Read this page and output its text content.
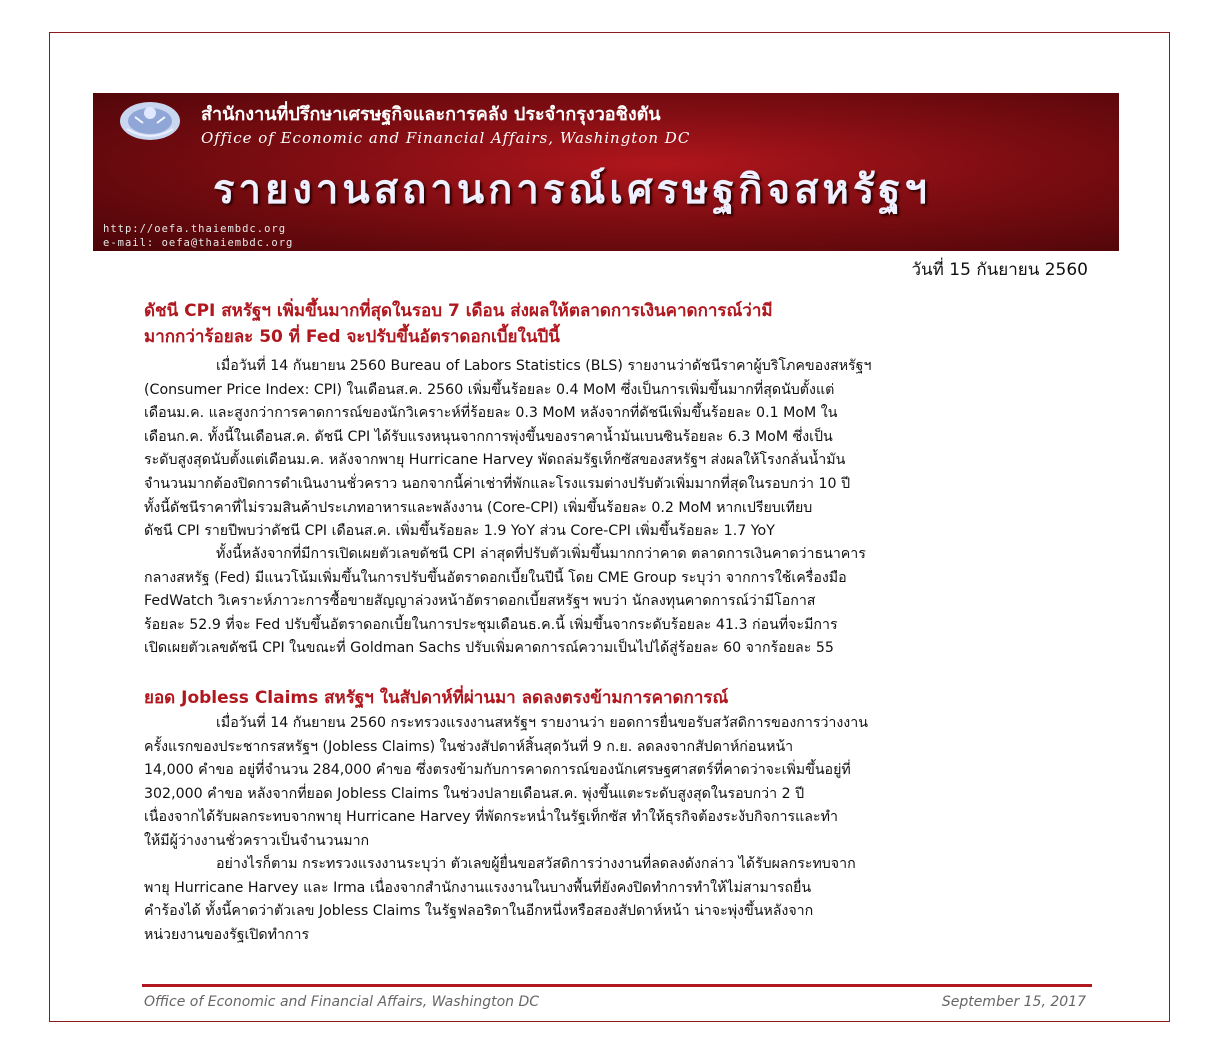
สำนักงานที่ปรึกษาเศรษฐกิจและการคลัง ประจำกรุงวอชิงตัน
Office of Economic and Financial Affairs, Washington DC
รายงานสถานการณ์เศรษฐกิจสหรัฐฯ
http://oefa.thaiembdc.org
e-mail: oefa@thaiembdc.org
วันที่ 15 กันยายน 2560
ดัชนี CPI สหรัฐฯ เพิ่มขึ้นมากที่สุดในรอบ 7 เดือน ส่งผลให้ตลาดการเงินคาดการณ์ว่ามี
มากกว่าร้อยละ 50 ที่ Fed จะปรับขึ้นอัตราดอกเบี้ยในปีนี้
เมื่อวันที่ 14 กันยายน 2560 Bureau of Labors Statistics (BLS) รายงานว่าดัชนีราคาผู้บริโภคของสหรัฐฯ
(Consumer Price Index: CPI) ในเดือนส.ค. 2560 เพิ่มขึ้นร้อยละ 0.4 MoM ซึ่งเป็นการเพิ่มขึ้นมากที่สุดนับตั้งแต่
เดือนม.ค. และสูงกว่าการคาดการณ์ของนักวิเคราะห์ที่ร้อยละ 0.3 MoM หลังจากที่ดัชนีเพิ่มขึ้นร้อยละ 0.1 MoM ใน
เดือนก.ค. ทั้งนี้ในเดือนส.ค. ดัชนี CPI ได้รับแรงหนุนจากการพุ่งขึ้นของราคาน้ำมันเบนซินร้อยละ 6.3 MoM ซึ่งเป็น
ระดับสูงสุดนับตั้งแต่เดือนม.ค. หลังจากพายุ Hurricane Harvey พัดถล่มรัฐเท็กซัสของสหรัฐฯ ส่งผลให้โรงกลั่นน้ำมัน
จำนวนมากต้องปิดการดำเนินงานชั่วคราว นอกจากนี้ค่าเช่าที่พักและโรงแรมต่างปรับตัวเพิ่มมากที่สุดในรอบกว่า 10 ปี
ทั้งนี้ดัชนีราคาที่ไม่รวมสินค้าประเภทอาหารและพลังงาน (Core-CPI) เพิ่มขึ้นร้อยละ 0.2 MoM หากเปรียบเทียบ
ดัชนี CPI รายปีพบว่าดัชนี CPI เดือนส.ค. เพิ่มขึ้นร้อยละ 1.9 YoY ส่วน Core-CPI เพิ่มขึ้นร้อยละ 1.7 YoY
ทั้งนี้หลังจากที่มีการเปิดเผยตัวเลขดัชนี CPI ล่าสุดที่ปรับตัวเพิ่มขึ้นมากกว่าคาด ตลาดการเงินคาดว่าธนาคาร
กลางสหรัฐ (Fed) มีแนวโน้มเพิ่มขึ้นในการปรับขึ้นอัตราดอกเบี้ยในปีนี้ โดย CME Group ระบุว่า จากการใช้เครื่องมือ
FedWatch วิเคราะห์ภาวะการซื้อขายสัญญาล่วงหน้าอัตราดอกเบี้ยสหรัฐฯ พบว่า นักลงทุนคาดการณ์ว่ามีโอกาส
ร้อยละ 52.9 ที่จะ Fed ปรับขึ้นอัตราดอกเบี้ยในการประชุมเดือนธ.ค.นี้ เพิ่มขึ้นจากระดับร้อยละ 41.3 ก่อนที่จะมีการ
เปิดเผยตัวเลขดัชนี CPI ในขณะที่ Goldman Sachs ปรับเพิ่มคาดการณ์ความเป็นไปได้สู่ร้อยละ 60 จากร้อยละ 55
ยอด Jobless Claims สหรัฐฯ ในสัปดาห์ที่ผ่านมา ลดลงตรงข้ามการคาดการณ์
เมื่อวันที่ 14 กันยายน 2560 กระทรวงแรงงานสหรัฐฯ รายงานว่า ยอดการยื่นขอรับสวัสดิการของการว่างงาน
ครั้งแรกของประชากรสหรัฐฯ (Jobless Claims) ในช่วงสัปดาห์สิ้นสุดวันที่ 9 ก.ย. ลดลงจากสัปดาห์ก่อนหน้า
14,000 คำขอ อยู่ที่จำนวน 284,000 คำขอ ซึ่งตรงข้ามกับการคาดการณ์ของนักเศรษฐศาสตร์ที่คาดว่าจะเพิ่มขึ้นอยู่ที่
302,000 คำขอ หลังจากที่ยอด Jobless Claims ในช่วงปลายเดือนส.ค. พุ่งขึ้นแตะระดับสูงสุดในรอบกว่า 2 ปี
เนื่องจากได้รับผลกระทบจากพายุ Hurricane Harvey ที่พัดกระหน่ำในรัฐเท็กซัส ทำให้ธุรกิจต้องระงับกิจการและทำ
ให้มีผู้ว่างงานชั่วคราวเป็นจำนวนมาก
อย่างไรก็ตาม กระทรวงแรงงานระบุว่า ตัวเลขผู้ยื่นขอสวัสดิการว่างงานที่ลดลงดังกล่าว ได้รับผลกระทบจาก
พายุ Hurricane Harvey และ Irma เนื่องจากสำนักงานแรงงานในบางพื้นที่ยังคงปิดทำการทำให้ไม่สามารถยื่น
คำร้องได้ ทั้งนี้คาดว่าตัวเลข Jobless Claims ในรัฐฟลอริดาในอีกหนึ่งหรือสองสัปดาห์หน้า น่าจะพุ่งขึ้นหลังจาก
หน่วยงานของรัฐเปิดทำการ
Office of Economic and Financial Affairs, Washington DC	September 15, 2017
